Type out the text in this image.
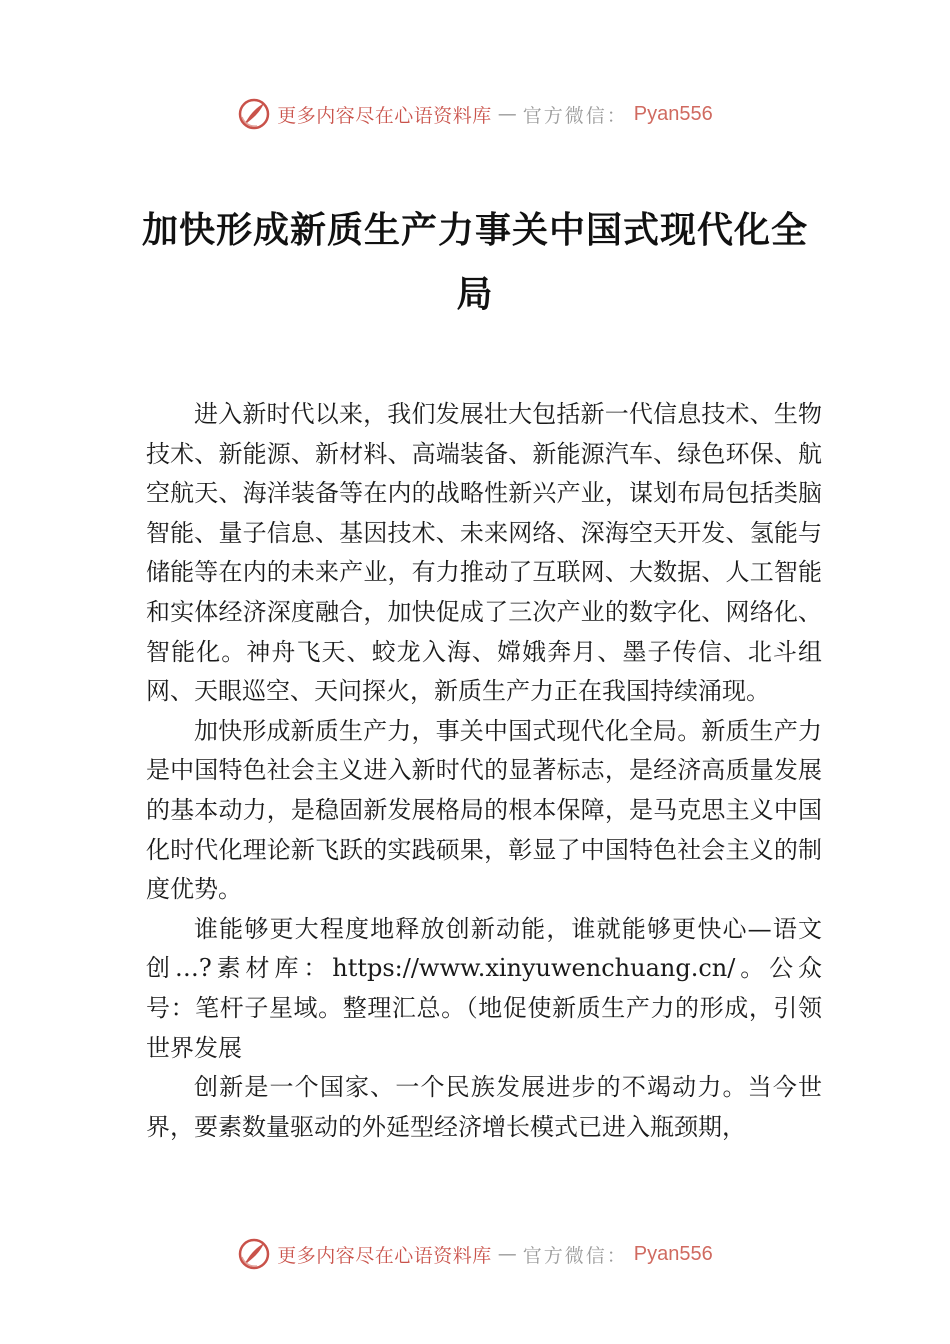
更多内容尽在心语资料库 — 官方微信： Pyan556
加快形成新质生产力事关中国式现代化全局

进入新时代以来，我们发展壮大包括新一代信息技术、生物技术、新能源、新材料、高端装备、新能源汽车、绿色环保、航空航天、海洋装备等在内的战略性新兴产业，谋划布局包括类脑智能、量子信息、基因技术、未来网络、深海空天开发、氢能与储能等在内的未来产业，有力推动了互联网、大数据、人工智能和实体经济深度融合，加快促成了三次产业的数字化、网络化、智能化。神舟飞天、蛟龙入海、嫦娥奔月、墨子传信、北斗组网、天眼巡空、天问探火，新质生产力正在我国持续涌现。

加快形成新质生产力，事关中国式现代化全局。新质生产力是中国特色社会主义进入新时代的显著标志，是经济高质量发展的基本动力，是稳固新发展格局的根本保障，是马克思主义中国化时代化理论新飞跃的实践硕果，彰显了中国特色社会主义的制度优势。

谁能够更大程度地释放创新动能，谁就能够更快心—语文创…?素材库：https://www.xinyuwenchuang.cn/。公众号：笔杆子星域。整理汇总。（地促使新质生产力的形成，引领世界发展

创新是一个国家、一个民族发展进步的不竭动力。当今世界，要素数量驱动的外延型经济增长模式已进入瓶颈期，

更多内容尽在心语资料库 — 官方微信： Pyan556
